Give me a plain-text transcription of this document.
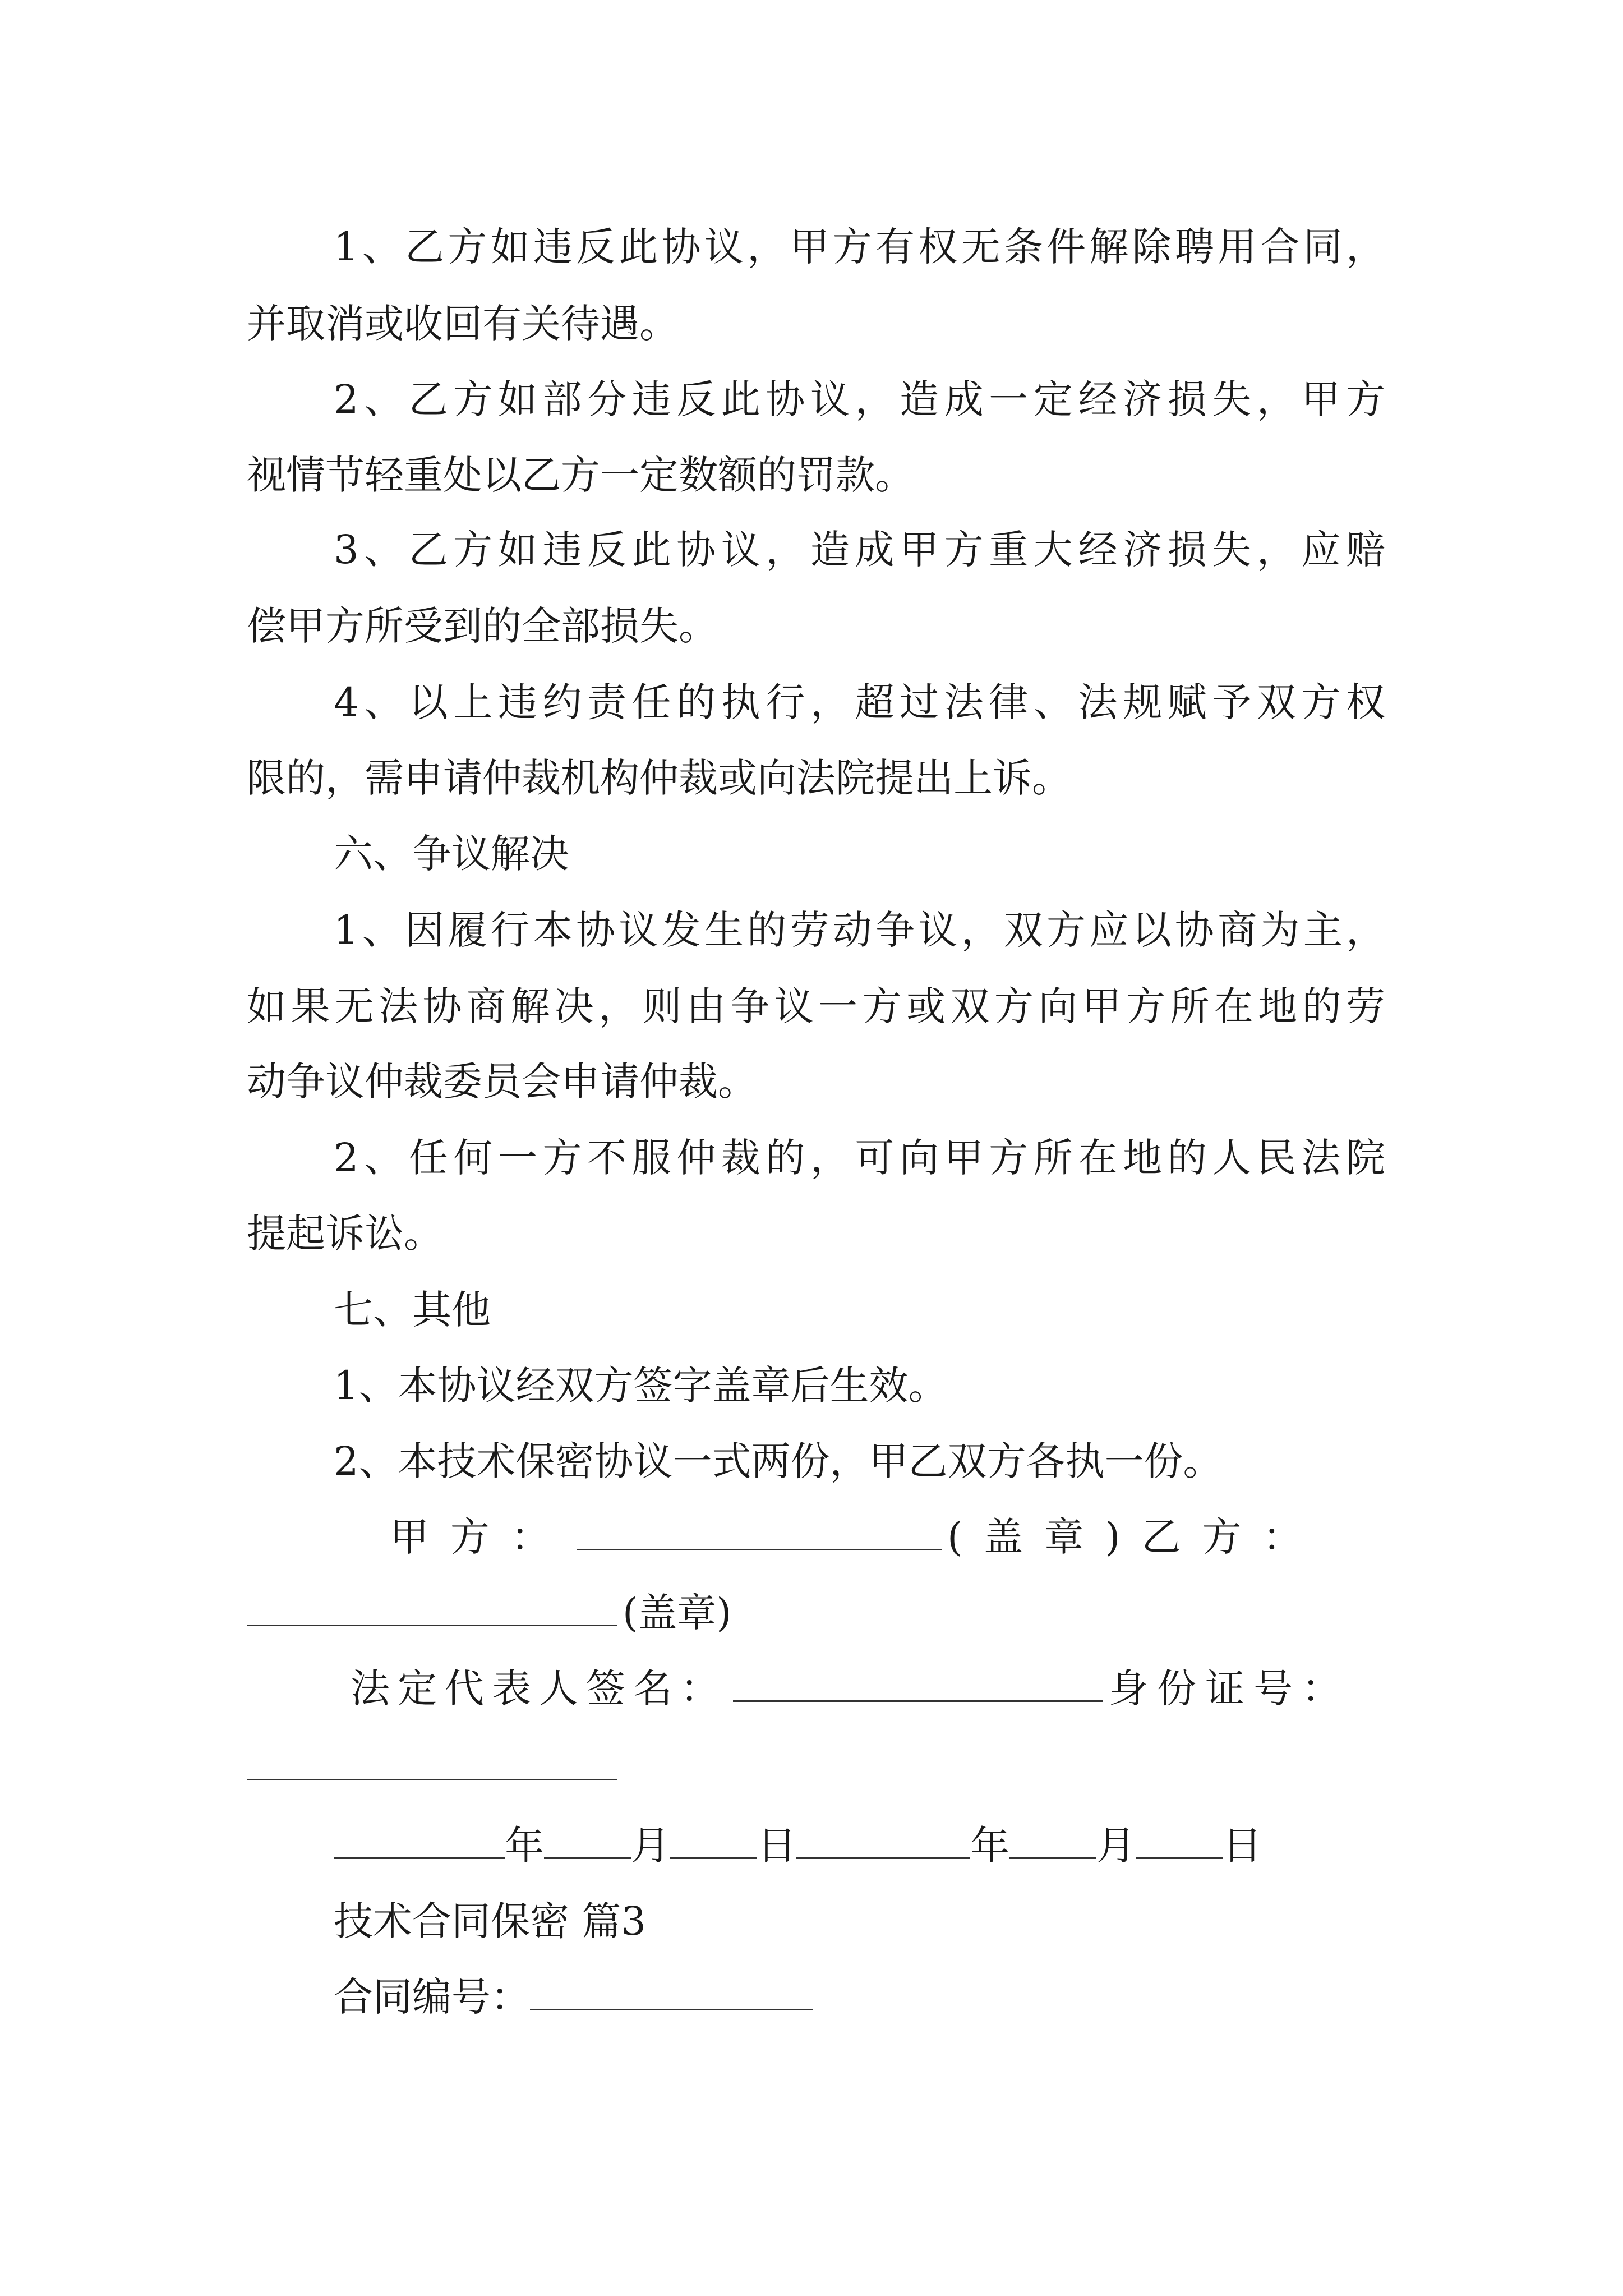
1、乙方如违反此协议，甲方有权无条件解除聘用合同，
并取消或收回有关待遇。
2、乙方如部分违反此协议，造成一定经济损失，甲方
视情节轻重处以乙方一定数额的罚款。
3、乙方如违反此协议，造成甲方重大经济损失，应赔
偿甲方所受到的全部损失。
4、以上违约责任的执行，超过法律、法规赋予双方权
限的，需申请仲裁机构仲裁或向法院提出上诉。
六、争议解决
1、因履行本协议发生的劳动争议，双方应以协商为主，
如果无法协商解决，则由争议一方或双方向甲方所在地的劳
动争议仲裁委员会申请仲裁。
2、任何一方不服仲裁的，可向甲方所在地的人民法院
提起诉讼。
七、其他
1、本协议经双方签字盖章后生效。
2、本技术保密协议一式两份，甲乙双方各执一份。
甲方：	(盖章)乙方：
(盖章)
法定代表人签名：	身份证号：
年 月 日	年 月 日
技术合同保密 篇3
合同编号：
